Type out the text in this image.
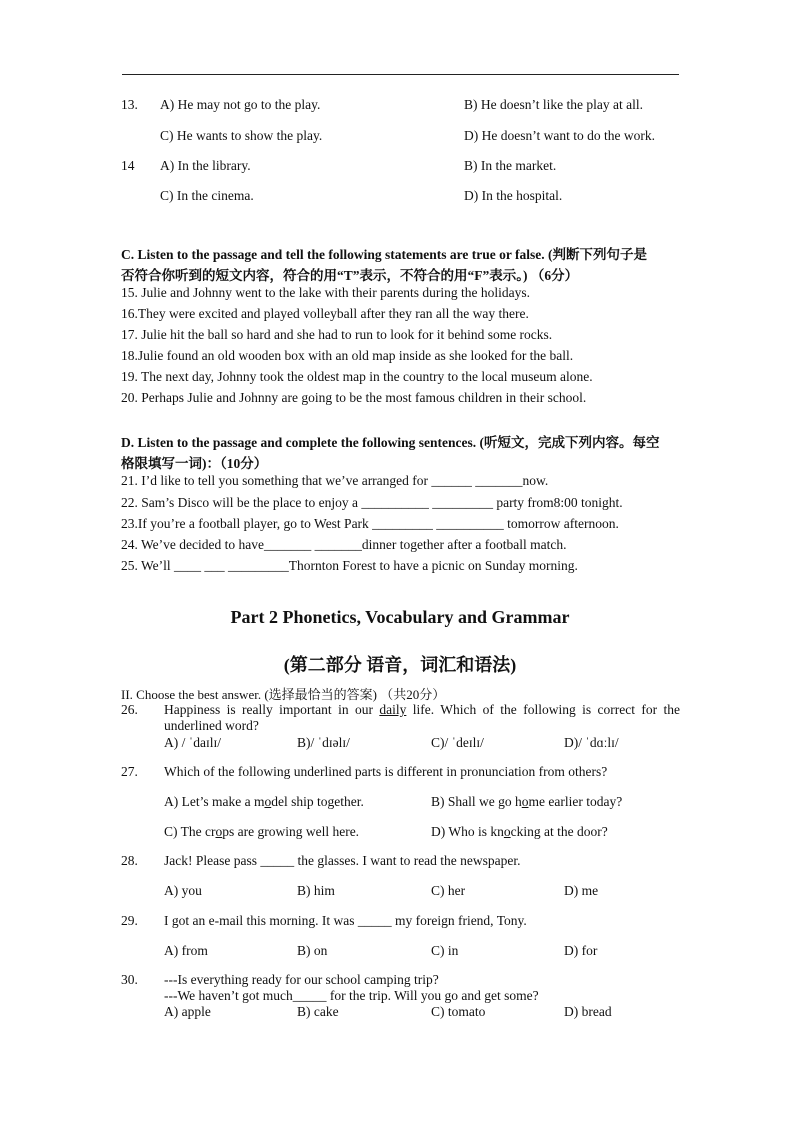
13. A) He may not go to the play.	B) He doesn’t like the play at all.
C) He wants to show the play.	D) He doesn’t want to do the work.
14 A) In the library.	B) In the market.
C) In the cinema.	D) In the hospital.
C. Listen to the passage and tell the following statements are true or false. (判断下列句子是
否符合你听到的短文内容，符合的用“T”表示，不符合的用“F”表示。) （6分）
15. Julie and Johnny went to the lake with their parents during the holidays.
16.They were excited and played volleyball after they ran all the way there.
17. Julie hit the ball so hard and she had to run to look for it behind some rocks.
18.Julie found an old wooden box with an old map inside as she looked for the ball.
19. The next day, Johnny took the oldest map in the country to the local museum alone.
20. Perhaps Julie and Johnny are going to be the most famous children in their school.
D. Listen to the passage and complete the following sentences. (听短文，完成下列内容。每空
格限填写一词)：（10分）
21. I’d like to tell you something that we’ve arranged for ______ _______now.
22. Sam’s Disco will be the place to enjoy a __________ _________ party from8:00 tonight.
23.If you’re a football player, go to West Park _________ __________ tomorrow afternoon.
24. We’ve decided to have_______ _______dinner together after a football match.
25. We’ll ____ ___ _________Thornton Forest to have a picnic on Sunday morning.
Part 2 Phonetics, Vocabulary and Grammar
(第二部分 语音，词汇和语法)
II. Choose the best answer. (选择最恰当的答案) （共20分）
26. Happiness is really important in our daily life. Which of the following is correct for the underlined word?
A) / ˈdaɪlɪ/	B)/ ˈdɪəlɪ/	C)/ ˈdeɪlɪ/	D)/ ˈdɑːlɪ/
27. Which of the following underlined parts is different in pronunciation from others?
A) Let’s make a model ship together.	B) Shall we go home earlier today?
C) The crops are growing well here.	D) Who is knocking at the door?
28. Jack! Please pass _____ the glasses. I want to read the newspaper.
A) you	B) him	C) her	D) me
29. I got an e-mail this morning. It was _____ my foreign friend, Tony.
A) from	B) on	C) in	D) for
30. ---Is everything ready for our school camping trip?
---We haven’t got much_____ for the trip. Will you go and get some?
A) apple	B) cake	C) tomato	D) bread
